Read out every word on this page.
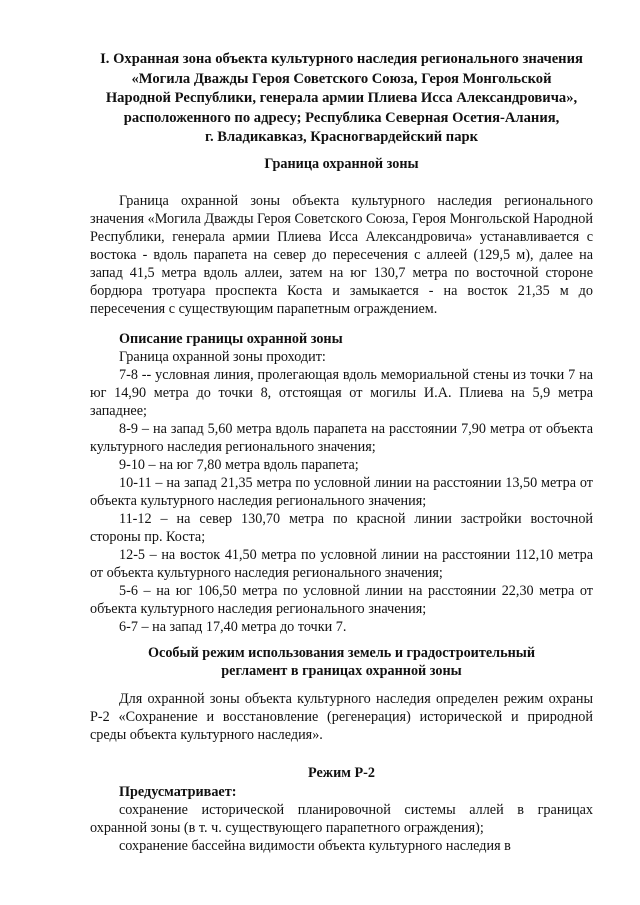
I. Охранная зона объекта культурного наследия регионального значения

«Могила Дважды Героя Советского Союза, Героя Монгольской

Народной Республики, генерала армии Плиева Исса Александровича»,

расположенного по адресу; Республика Северная Осетия-Алания,

г. Владикавказ, Красногвардейский парк

Граница охранной зоны
Граница охранной зоны объекта культурного наследия регионального значения «Могила Дважды Героя Советского Союза, Героя Монгольской Народной Республики, генерала армии Плиева Исса Александровича» устанавливается с востока - вдоль парапета на север до пересечения с аллеей (129,5 м), далее на запад 41,5 метра вдоль аллеи, затем на юг 130,7 метра по восточной стороне бордюра тротуара проспекта Коста и замыкается - на восток 21,35 м до пересечения с существующим парапетным ограждением.

Описание границы охранной зоны

Граница охранной зоны проходит:

7-8 -- условная линия, пролегающая вдоль мемориальной стены из точки 7 на юг 14,90 метра до точки 8, отстоящая от могилы И.А. Плиева на 5,9 метра западнее;

8-9 – на запад 5,60 метра вдоль парапета на расстоянии 7,90 метра от объекта культурного наследия регионального значения;

9-10 – на юг 7,80 метра вдоль парапета;

10-11 – на запад 21,35 метра по условной линии на расстоянии 13,50 метра от объекта культурного наследия регионального значения;

11-12 – на север 130,70 метра по красной линии застройки восточной стороны пр. Коста;

12-5 – на восток 41,50 метра по условной линии на расстоянии 112,10 метра от объекта культурного наследия регионального значения;

5-6 – на юг 106,50 метра по условной линии на расстоянии 22,30 метра от объекта культурного наследия регионального значения;

6-7 – на запад 17,40 метра до точки 7.

Особый режим использования земель и градостроительный

регламент в границах охранной зоны

Для охранной зоны объекта культурного наследия определен режим охраны Р-2 «Сохранение и восстановление (регенерация) исторической и природной среды объекта культурного наследия».
Режим Р-2

Предусматривает:

сохранение исторической планировочной системы аллей в границах охранной зоны (в т. ч. существующего парапетного ограждения);

сохранение бассейна видимости объекта культурного наследия в
